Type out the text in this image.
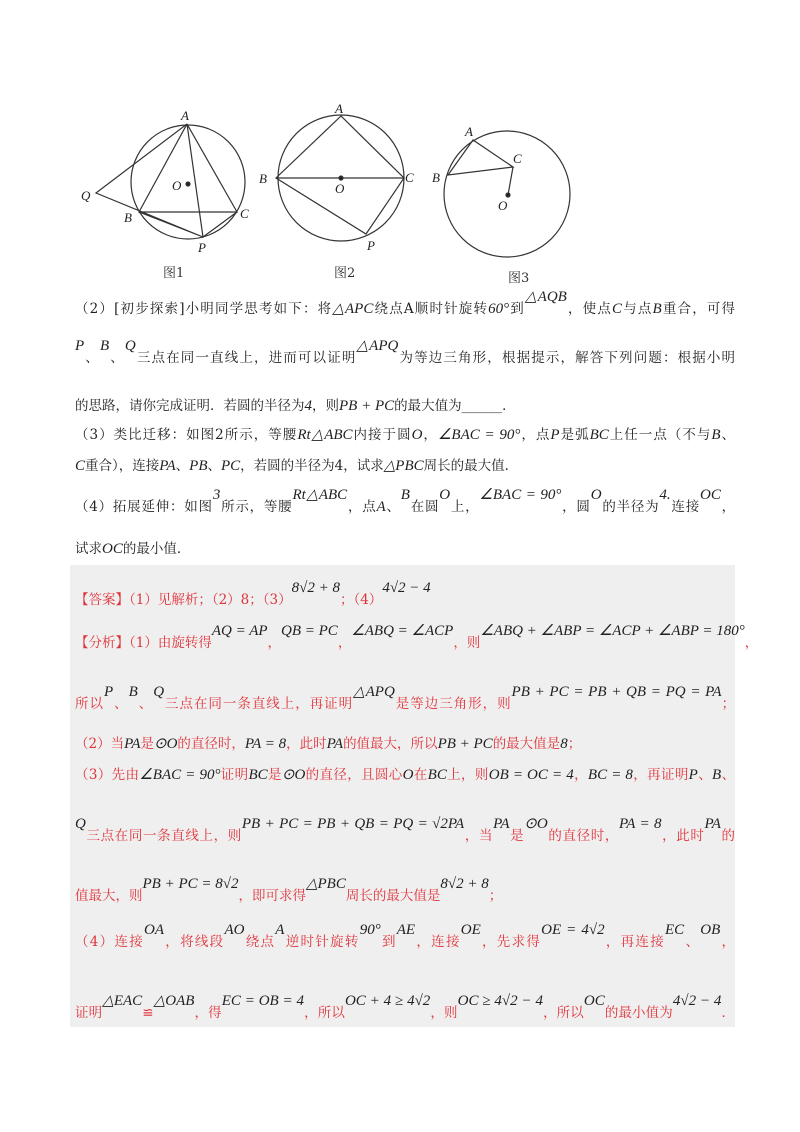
A
B	C
P
Q
O
A
B	C
P
O
A
B
C
O
图1	图2	图3
（2）[初步探索]小明同学思考如下：将△APC绕点A顺时针旋转60°到△AQB，使点C与点B重合，可得
P、B、Q三点在同一直线上，进而可以证明△APQ为等边三角形，根据提示，解答下列问题：根据小明
的思路，请你完成证明．若圆的半径为4，则PB + PC的最大值为______．
（3）类比迁移：如图2所示，等腰Rt△ABC内接于圆O，∠BAC = 90°，点P是弧BC上任一点（不与B、
C重合），连接PA、PB、PC，若圆的半径为4，试求△PBC周长的最大值．
（4）拓展延伸：如图3所示，等腰Rt△ABC，点A、B在圆O上，∠BAC = 90°，圆O的半径为4.连接OC，
试求OC的最小值．
【答案】（1）见解析；（2）8；（3）8√2 + 8；（4）4√2 − 4
【分析】（1）由旋转得AQ = AP，QB = PC，∠ABQ = ∠ACP，则∠ABQ + ∠ABP = ∠ACP + ∠ABP = 180°，
所以P、B、Q三点在同一条直线上，再证明△APQ是等边三角形，则PB + PC = PB + QB = PQ = PA；
（2）当PA是⊙O的直径时，PA = 8，此时PA的值最大，所以PB + PC的最大值是8；
（3）先由∠BAC = 90°证明BC是⊙O的直径，且圆心O在BC上，则OB = OC = 4，BC = 8，再证明P、B、
Q三点在同一条直线上，则PB + PC = PB + QB = PQ = √2PA，当PA是⊙O的直径时，PA = 8，此时PA的
值最大，则PB + PC = 8√2，即可求得△PBC周长的最大值是8√2 + 8；
（4）连接OA，将线段AO绕点A逆时针旋转90°到AE，连接OE，先求得OE = 4√2，再连接EC、OB，
证明△EAC≌△OAB，得EC = OB = 4，所以OC + 4 ≥ 4√2，则OC ≥ 4√2 − 4，所以OC的最小值为4√2 − 4．
